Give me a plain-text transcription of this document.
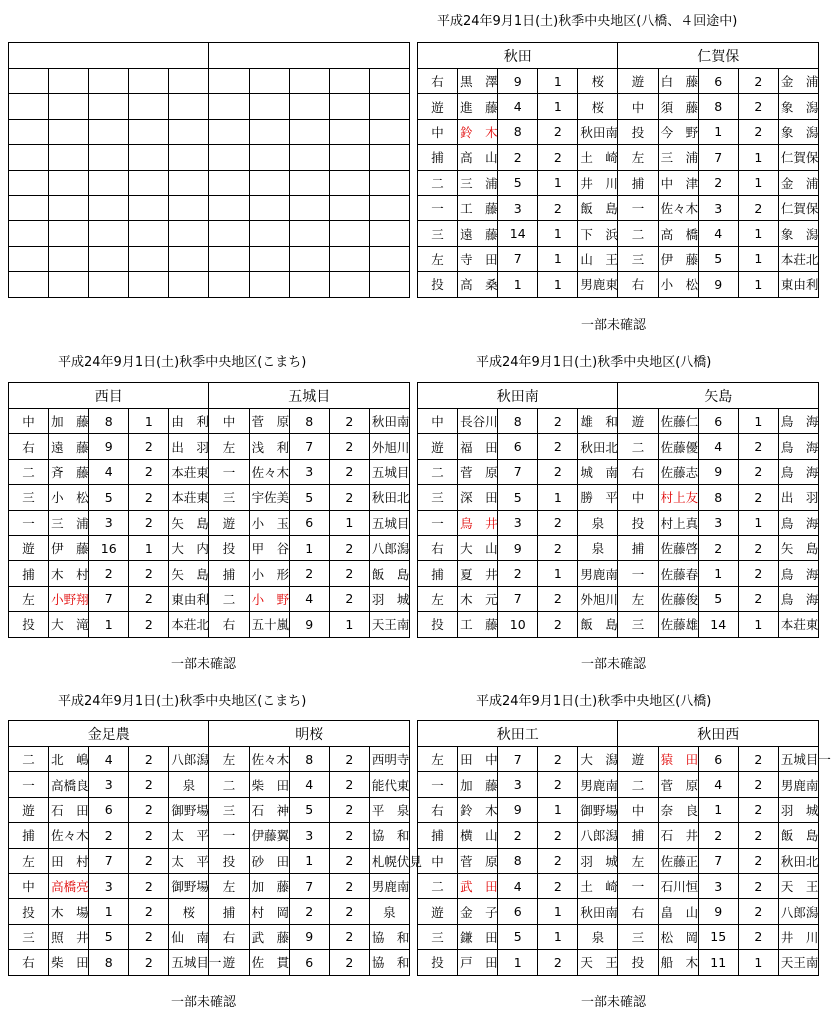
平成24年9月1日(土)秋季中央地区(八橋、４回途中)

秋田					仁賀保				
右	黒　澤	9	1	桜	遊	白　藤	6	2	金　浦
遊	進　藤	4	1	桜	中	須　藤	8	2	象　潟
中	鈴　木	8	2	秋田南	投	今　野	1	2	象　潟
捕	高　山	2	2	土　崎	左	三　浦	7	1	仁賀保
二	三　浦	5	1	井　川	捕	中　津	2	1	金　浦
一	工　藤	3	2	飯　島	一	佐々木	3	2	仁賀保
三	遠　藤	14	1	下　浜	二	高　橋	4	1	象　潟
左	寺　田	7	1	山　王	三	伊　藤	5	1	本荘北
投	高　桑	1	1	男鹿東	右	小　松	9	1	東由利
一部未確認
平成24年9月1日(土)秋季中央地区(こまち)	平成24年9月1日(土)秋季中央地区(八橋)
西目					五城目				
中	加　藤	8	1	由　利	中	菅　原	8	2	秋田南
右	遠　藤	9	2	出　羽	左	浅　利	7	2	外旭川
二	斉　藤	4	2	本荘東	一	佐々木	3	2	五城目
三	小　松	5	2	本荘東	三	宇佐美	5	2	秋田北
一	三　浦	3	2	矢　島	遊	小　玉	6	1	五城目
遊	伊　藤	16	1	大　内	投	甲　谷	1	2	八郎潟
捕	木　村	2	2	矢　島	捕	小　形	2	2	飯　島
左	小野翔	7	2	東由利	二	小　野	4	2	羽　城
投	大　滝	1	2	本荘北	右	五十嵐	9	1	天王南
秋田南					矢島				
中	長谷川	8	2	雄　和	遊	佐藤仁	6	1	鳥　海
遊	福　田	6	2	秋田北	二	佐藤優	4	2	鳥　海
二	菅　原	7	2	城　南	右	佐藤志	9	2	鳥　海
三	深　田	5	1	勝　平	中	村上友	8	2	出　羽
一	鳥　井	3	2	泉	投	村上真	3	1	鳥　海
右	大　山	9	2	泉	捕	佐藤啓	2	2	矢　島
捕	夏　井	2	1	男鹿南	一	佐藤春	1	2	鳥　海
左	木　元	7	2	外旭川	左	佐藤俊	5	2	鳥　海
投	工　藤	10	2	飯　島	三	佐藤雄	14	1	本荘東
一部未確認	一部未確認
平成24年9月1日(土)秋季中央地区(こまち)	平成24年9月1日(土)秋季中央地区(八橋)
金足農					明桜				
二	北　嶋	4	2	八郎潟	左	佐々木	8	2	西明寺
一	高橋良	3	2	泉	二	柴　田	4	2	能代東
遊	石　田	6	2	御野場	三	石　神	5	2	平　泉
捕	佐々木	2	2	太　平	一	伊藤翼	3	2	協　和
左	田　村	7	2	太　平	投	砂　田	1	2	札幌伏見
中	高橋亮	3	2	御野場	左	加　藤	7	2	男鹿南
投	木　場	1	2	桜	捕	村　岡	2	2	泉
三	照　井	5	2	仙　南	右	武　藤	9	2	協　和
右	柴　田	8	2	五城目一	遊	佐　貫	6	2	協　和
秋田工					秋田西				
左	田　中	7	2	大　潟	遊	猿　田	6	2	五城目一
一	加　藤	3	2	男鹿南	二	菅　原	4	2	男鹿南
右	鈴　木	9	1	御野場	中	奈　良	1	2	羽　城
捕	横　山	2	2	八郎潟	捕	石　井	2	2	飯　島
中	菅　原	8	2	羽　城	左	佐藤正	7	2	秋田北
二	武　田	4	2	土　崎	一	石川恒	3	2	天　王
遊	金　子	6	1	秋田南	右	畠　山	9	2	八郎潟
三	鎌　田	5	1	泉	三	松　岡	15	2	井　川
投	戸　田	1	2	天　王	投	船　木	11	1	天王南
一部未確認	一部未確認
